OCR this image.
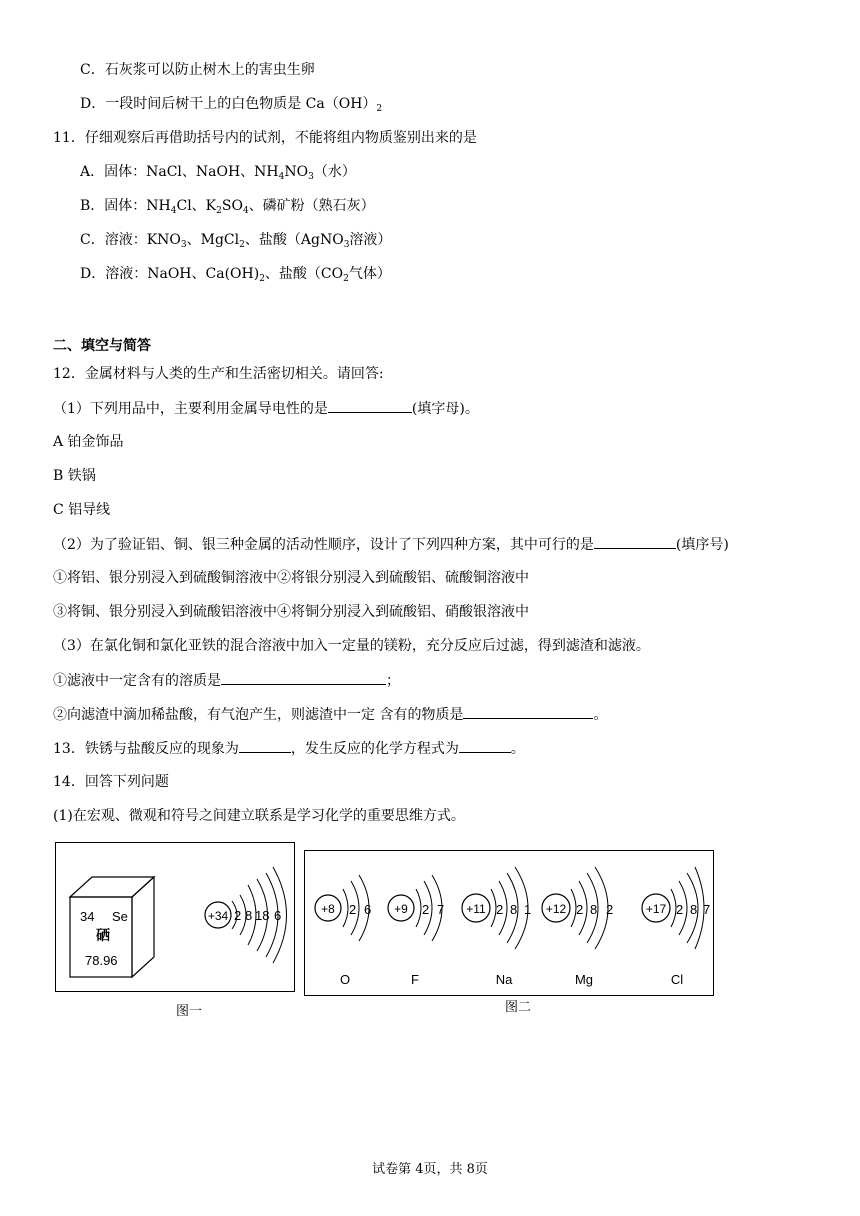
C．石灰浆可以防止树木上的害虫生卵
D．一段时间后树干上的白色物质是 $Ca(OH)_2$
11．仔细观察后再借助括号内的试剂，不能将组内物质鉴别出来的是
A．固体：NaCl、NaOH、$NH_4NO_3$（水）
B．固体：$NH_4Cl$、$K_2SO_4$、磷矿粉（熟石灰）
C．溶液：$KNO_3$、MgCl$_2$、盐酸（AgNO$_3$溶液）
D．溶液：NaOH、$Ca(OH)_2$、盐酸（$CO_2$气体）
二、填空与简答
12．金属材料与人类的生产和生活密切相关。请回答:
（1）下列用品中，主要利用金属导电性的是	(填字母)。
A 铂金饰品
B 铁锅
C 铝导线
（2）为了验证铝、铜、银三种金属的活动性顺序，设计了下列四种方案，其中可行的是	(填序号)
①将铝、银分别浸入到硫酸铜溶液中②将银分别浸入到硫酸铝、硫酸铜溶液中
③将铜、银分别浸入到硫酸铝溶液中④将铜分别浸入到硫酸铝、硝酸银溶液中
（3）在氯化铜和氯化亚铁的混合溶液中加入一定量的镁粉，充分反应后过滤，得到滤渣和滤液。
①滤液中一定含有的溶质是	；
②向滤渣中滴加稀盐酸，有气泡产生，则滤渣中一定 含有的物质是	。
13．铁锈与盐酸反应的现象为	，发生反应的化学方程式为	。
14．回答下列问题
(1)在宏观、微观和符号之间建立联系是学习化学的重要思维方式。
34 Se
硒
78.96
+34 2 8 18 6
图一
+8 2 6
O
+9 2 7
F
+11 2 8 1
Na
+12 2 8 2
Mg
+17 2 8 7
Cl
图二
试卷第 4页，共 8页
